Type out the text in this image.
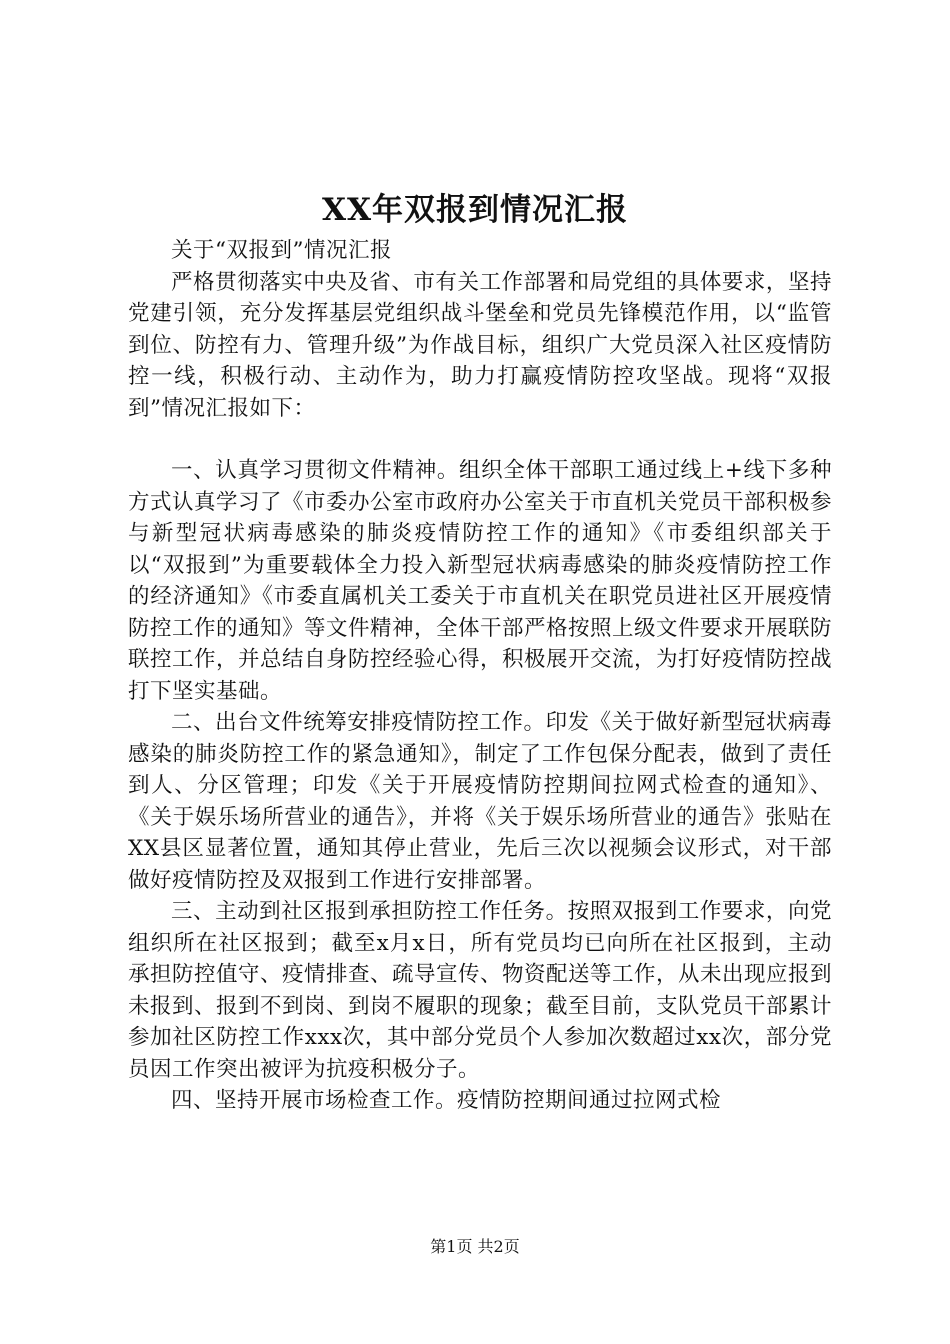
XX年双报到情况汇报

关于“双报到”情况汇报

严格贯彻落实中央及省、市有关工作部署和局党组的具体要求，坚持党建引领，充分发挥基层党组织战斗堡垒和党员先锋模范作用，以“监管到位、防控有力、管理升级”为作战目标，组织广大党员深入社区疫情防控一线，积极行动、主动作为，助力打赢疫情防控攻坚战。现将“双报到”情况汇报如下：

一、认真学习贯彻文件精神。组织全体干部职工通过线上+线下多种方式认真学习了《市委办公室市政府办公室关于市直机关党员干部积极参与新型冠状病毒感染的肺炎疫情防控工作的通知》《市委组织部关于以“双报到”为重要载体全力投入新型冠状病毒感染的肺炎疫情防控工作的经济通知》《市委直属机关工委关于市直机关在职党员进社区开展疫情防控工作的通知》等文件精神，全体干部严格按照上级文件要求开展联防联控工作，并总结自身防控经验心得，积极展开交流，为打好疫情防控战打下坚实基础。

二、出台文件统筹安排疫情防控工作。印发《关于做好新型冠状病毒感染的肺炎防控工作的紧急通知》，制定了工作包保分配表，做到了责任到人、分区管理；印发《关于开展疫情防控期间拉网式检查的通知》、《关于娱乐场所营业的通告》，并将《关于娱乐场所营业的通告》张贴在XX县区显著位置，通知其停止营业，先后三次以视频会议形式，对干部做好疫情防控及双报到工作进行安排部署。

三、主动到社区报到承担防控工作任务。按照双报到工作要求，向党组织所在社区报到；截至x月x日，所有党员均已向所在社区报到，主动承担防控值守、疫情排查、疏导宣传、物资配送等工作，从未出现应报到未报到、报到不到岗、到岗不履职的现象；截至目前，支队党员干部累计参加社区防控工作xxx次，其中部分党员个人参加次数超过xx次，部分党员因工作突出被评为抗疫积极分子。

四、坚持开展市场检查工作。疫情防控期间通过拉网式检

第1页 共2页
